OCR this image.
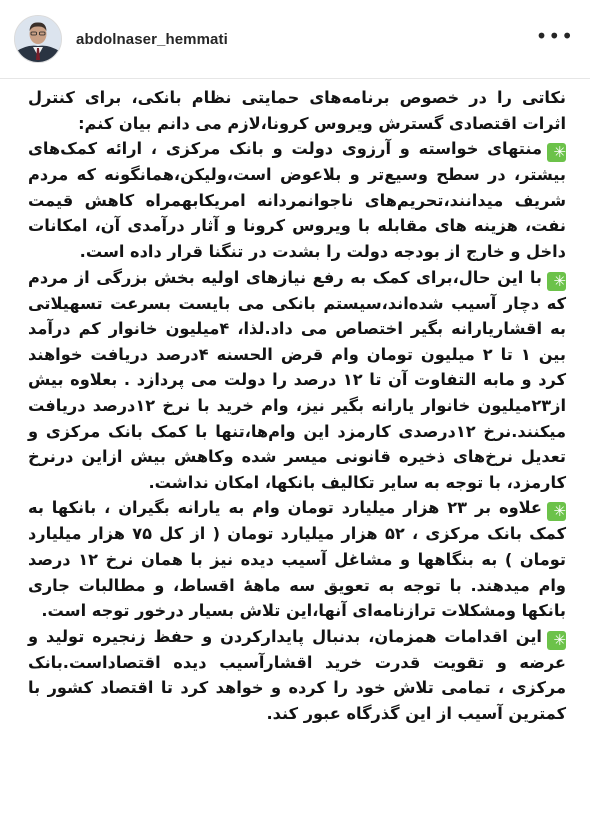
abdolnaser_hemmati	•••

نکاتی را در خصوص برنامه‌های حمایتی نظام بانکی، برای کنترل اثرات اقتصادی گسترش ویروس کرونا،لازم می دانم بیان کنم:

✳منتهای خواسته و آرزوی دولت و بانک مرکزی ، ارائه کمک‌های بیشتر، در سطح وسیع‌تر و بلاعوض است،ولیکن،همانگونه که مردم شریف میدانند،تحریم‌های ناجوانمردانه امریکابهمراه کاهش قیمت نفت، هزینه های مقابله با ویروس کرونا و آثار درآمدی آن، امکانات داخل و خارج از بودجه دولت را بشدت در تنگنا قرار داده است.

✳با این حال،برای کمک به رفع نیازهای اولیه بخش بزرگی از مردم که دچار آسیب شده‌اند،سیستم بانکی می بایست بسرعت تسهیلاتی به اقشاریارانه بگیر اختصاص می داد.لذا، ۴میلیون خانوار کم درآمد بین ۱ تا ۲ میلیون تومان وام قرض الحسنه ۴درصد دریافت خواهند کرد و مابه التفاوت آن تا ۱۲ درصد را دولت می پردازد . بعلاوه بیش از۲۳میلیون خانوار یارانه بگیر نیز، وام خرید با نرخ ۱۲درصد دریافت میکنند.نرخ ۱۲درصدی کارمزد این وام‌ها،تنها با کمک بانک مرکزی و تعدیل نرخ‌های ذخیره قانونی میسر شده وکاهش بیش ازاین درنرخ کارمزد، با توجه به سایر تکالیف بانکها، امکان نداشت.

✳علاوه بر ۲۳ هزار میلیارد تومان وام به یارانه بگیران ، بانکها به کمک بانک مرکزی ، ۵۲ هزار میلیارد تومان ( از کل ۷۵ هزار میلیارد تومان ) به بنگاهها و مشاغل آسیب دیده نیز با همان نرخ ۱۲ درصد وام میدهند. با توجه به تعویق سه ماههٔ اقساط، و مطالبات جاری بانکها ومشکلات ترازنامه‌ای آنها،این تلاش بسیار درخور توجه است.

✳این اقدامات همزمان، بدنبال پایدارکردن و حفظ زنجیره تولید و عرضه و تقویت قدرت خرید اقشارآسیب دیده اقتصاداست.بانک مرکزی ، تمامی تلاش خود را کرده و خواهد کرد تا اقتصاد کشور با کمترین آسیب از این گذرگاه عبور کند.
